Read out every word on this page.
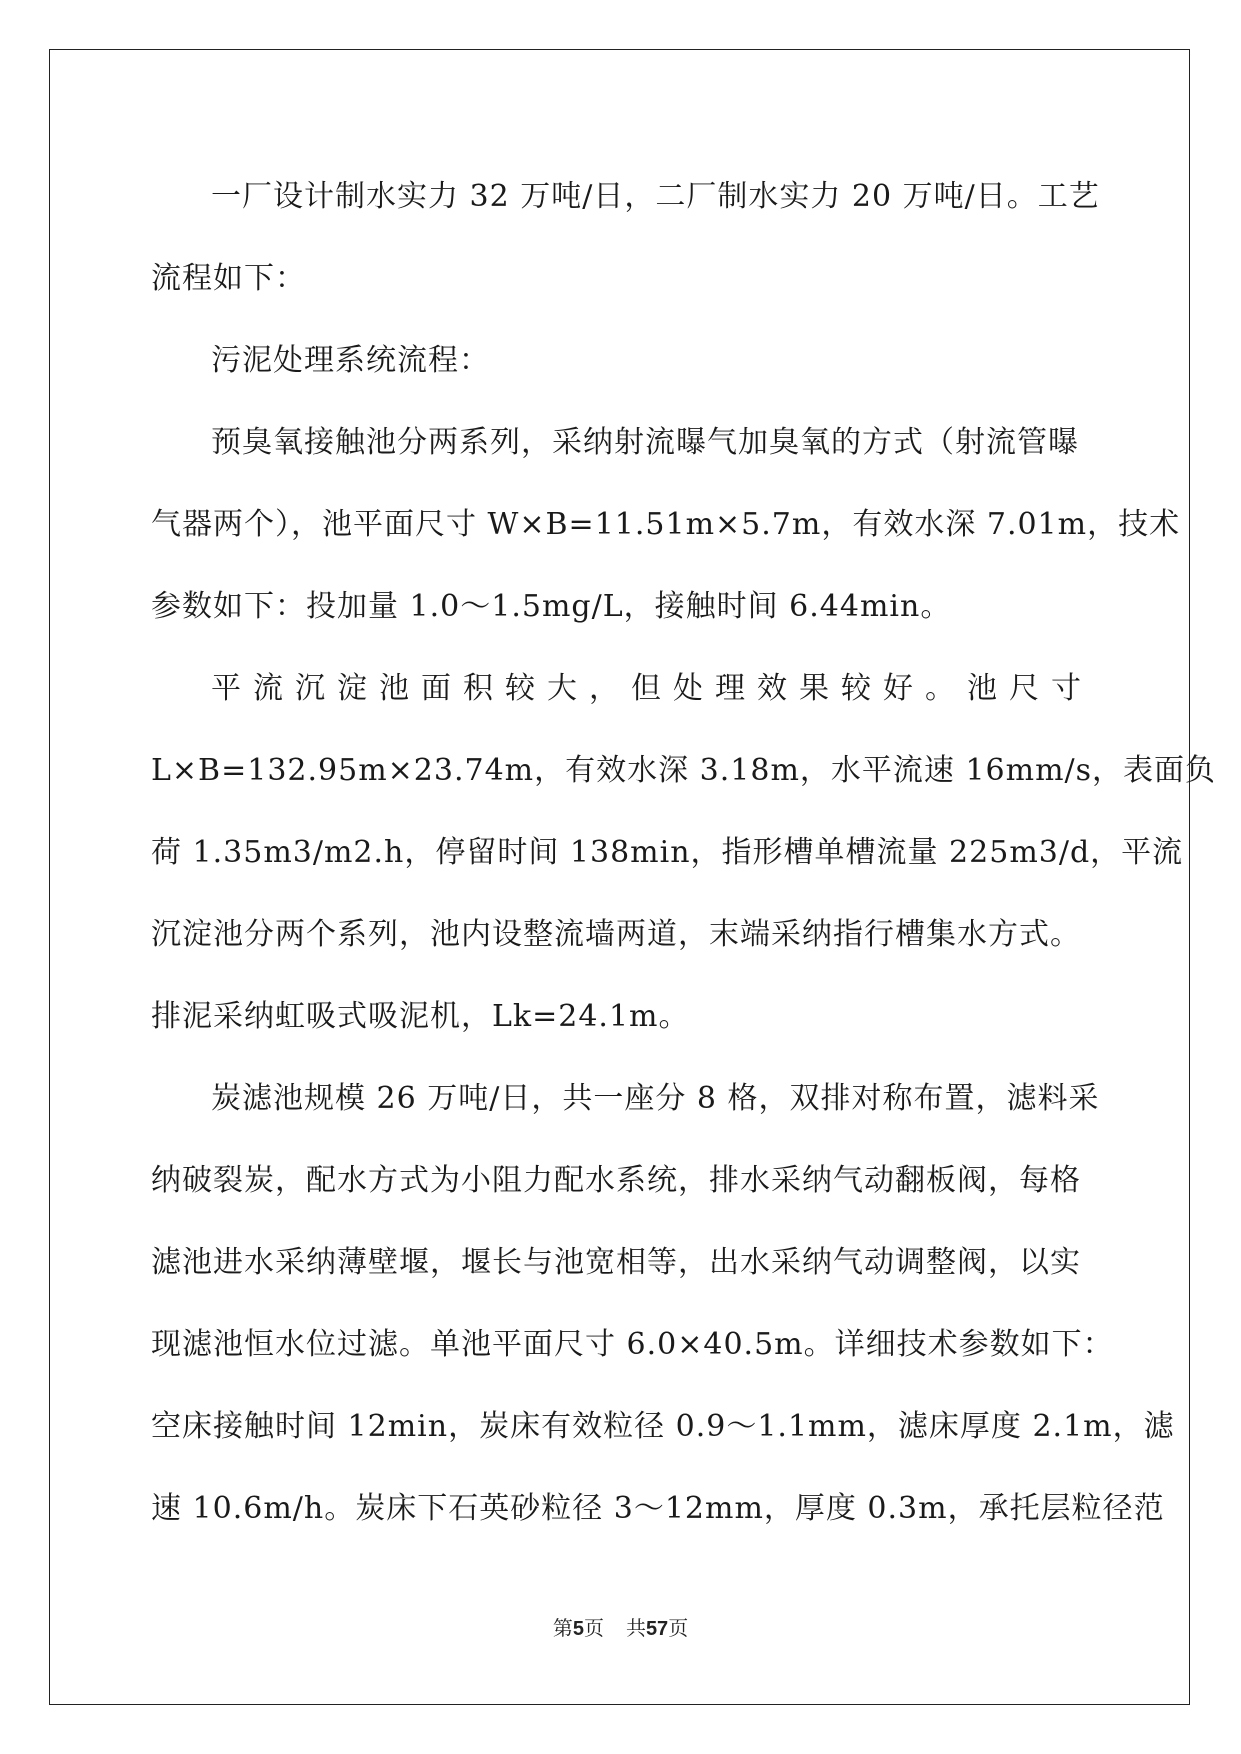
一厂设计制水实力 32 万吨/日，二厂制水实力 20 万吨/日。工艺
流程如下：
污泥处理系统流程：
预臭氧接触池分两系列，采纳射流曝气加臭氧的方式（射流管曝
气器两个），池平面尺寸 W×B=11.51m×5.7m，有效水深 7.01m，技术
参数如下：投加量 1.0～1.5mg/L，接触时间 6.44min。
平流沉淀池面积较大，但处理效果较好。池尺寸
L×B=132.95m×23.74m，有效水深 3.18m，水平流速 16mm/s，表面负
荷 1.35m3/m2.h，停留时间 138min，指形槽单槽流量 225m3/d，平流
沉淀池分两个系列，池内设整流墙两道，末端采纳指行槽集水方式。
排泥采纳虹吸式吸泥机，Lk=24.1m。
炭滤池规模 26 万吨/日，共一座分 8 格，双排对称布置，滤料采
纳破裂炭，配水方式为小阻力配水系统，排水采纳气动翻板阀，每格
滤池进水采纳薄壁堰，堰长与池宽相等，出水采纳气动调整阀，以实
现滤池恒水位过滤。单池平面尺寸 6.0×40.5m。详细技术参数如下：
空床接触时间 12min，炭床有效粒径 0.9～1.1mm，滤床厚度 2.1m，滤
速 10.6m/h。炭床下石英砂粒径 3～12mm，厚度 0.3m，承托层粒径范
第5页 共57页
